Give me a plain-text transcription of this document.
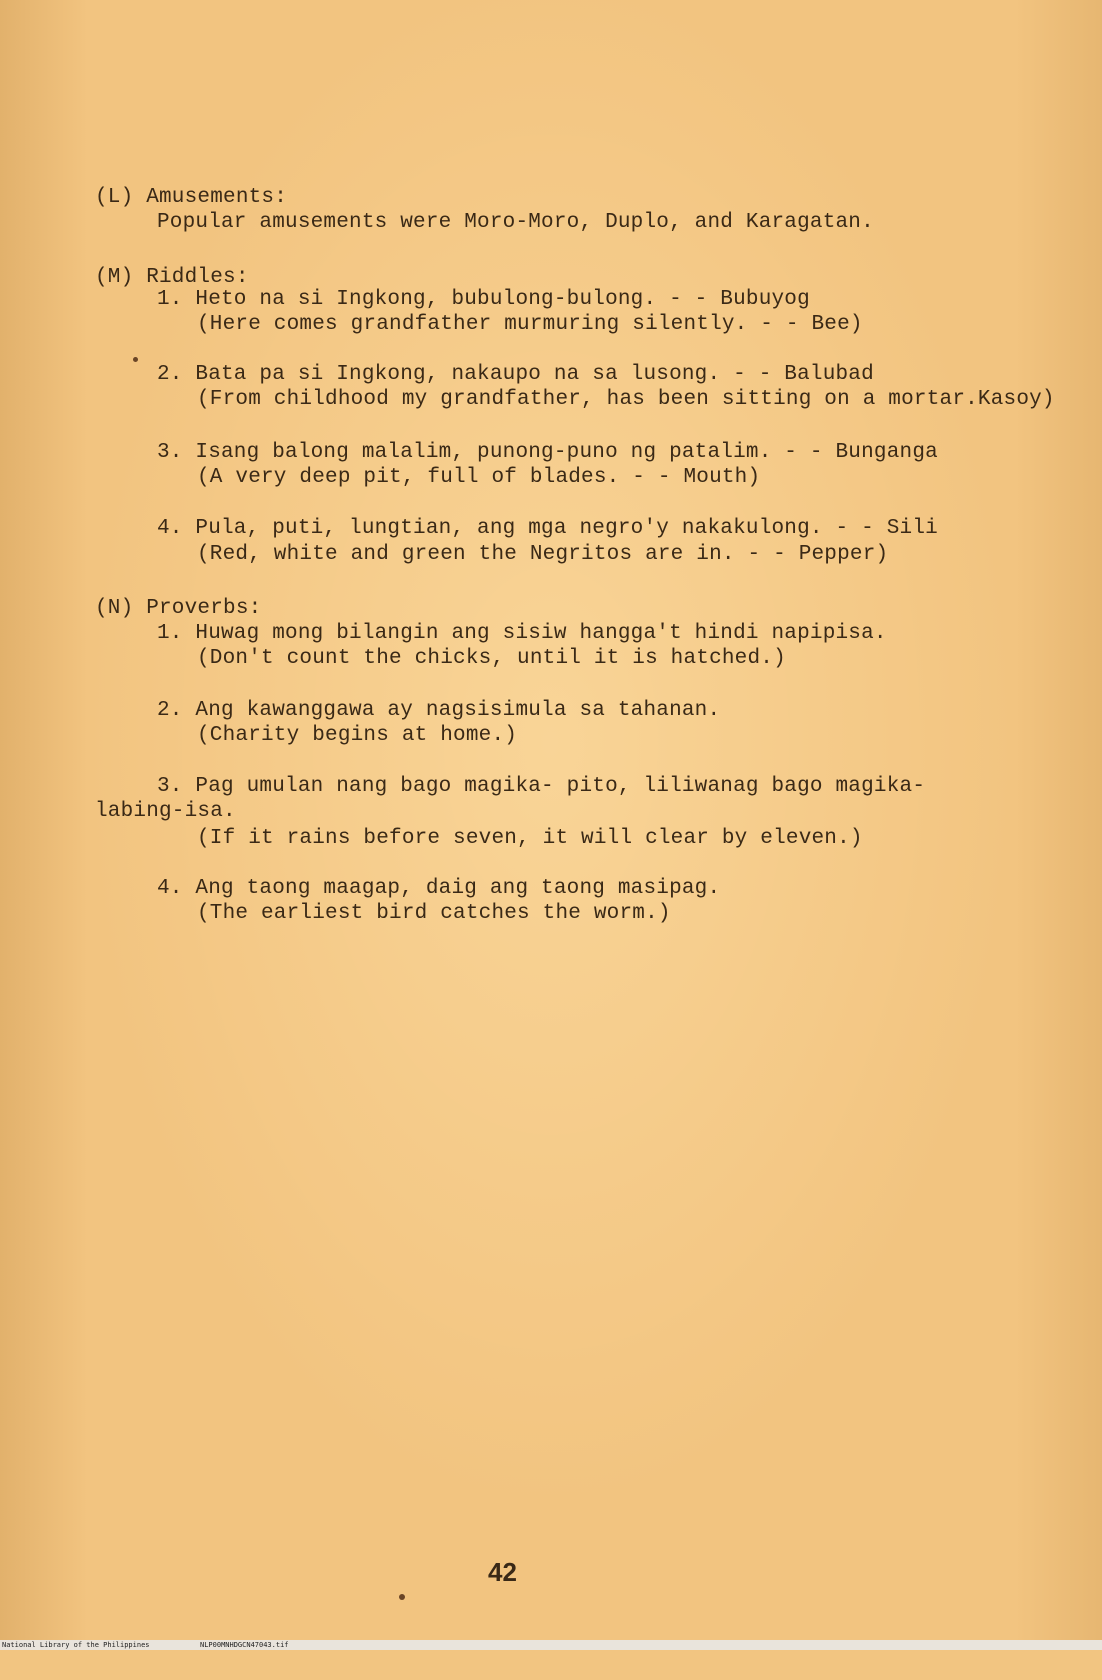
(L) Amusements:
Popular amusements were Moro-Moro, Duplo, and Karagatan.
(M) Riddles:
1. Heto na si Ingkong, bubulong-bulong. - - Bubuyog
(Here comes grandfather murmuring silently. - - Bee)
2. Bata pa si Ingkong, nakaupo na sa lusong. - - Balubad
(From childhood my grandfather, has been sitting on a mortar.Kasoy)
3. Isang balong malalim, punong-puno ng patalim. - - Bunganga
(A very deep pit, full of blades. - - Mouth)
4. Pula, puti, lungtian, ang mga negro'y nakakulong. - - Sili
(Red, white and green the Negritos are in. - - Pepper)
(N) Proverbs:
1. Huwag mong bilangin ang sisiw hangga't hindi napipisa.
(Don't count the chicks, until it is hatched.)
2. Ang kawanggawa ay nagsisimula sa tahanan.
(Charity begins at home.)
3. Pag umulan nang bago magika- pito, liliwanag bago magika-
labing-isa.
(If it rains before seven, it will clear by eleven.)
4. Ang taong maagap, daig ang taong masipag.
(The earliest bird catches the worm.)
42

National Library of the Philippines

	NLP00MNHDGCN47043.tif
